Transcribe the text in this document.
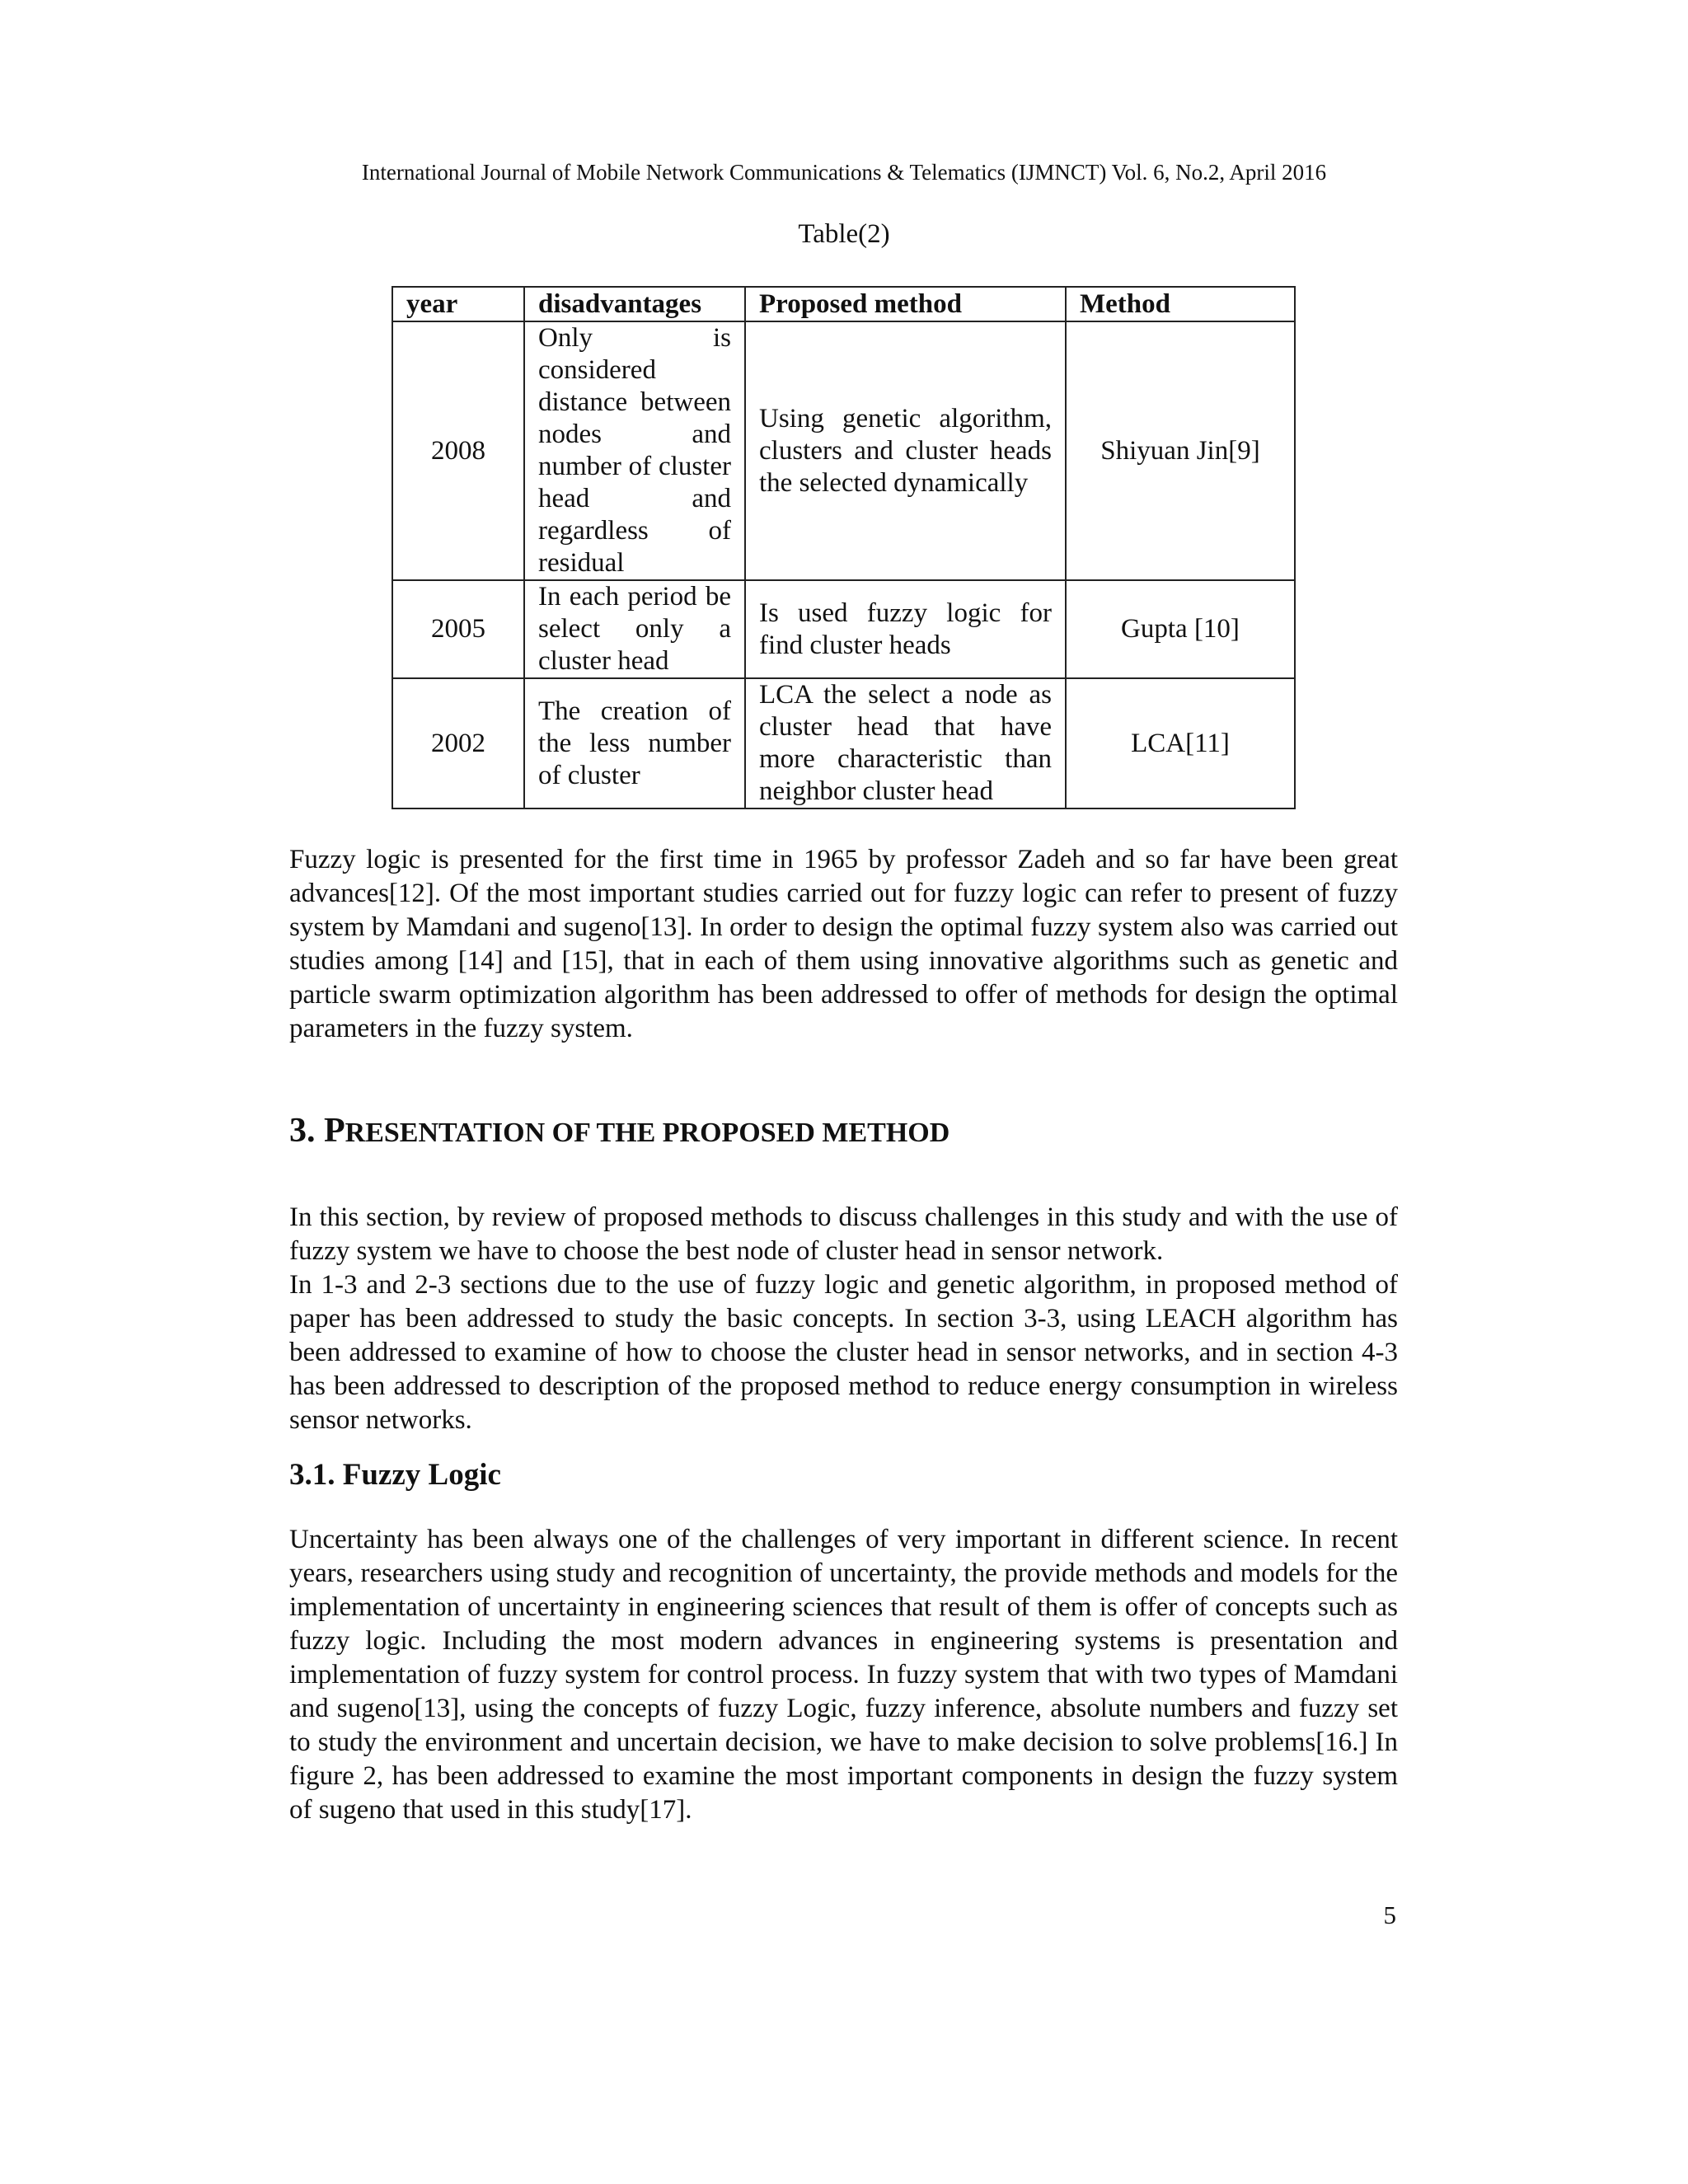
International Journal of Mobile Network Communications & Telematics (IJMNCT) Vol. 6, No.2, April 2016
Table(2)
year	disadvantages	Proposed method	Method
2008	Only is considered distance between nodes and number of cluster head and regardless of residual	Using genetic algorithm, clusters and cluster heads the selected dynamically	Shiyuan Jin[9]
2005	In each period be select only a cluster head	Is used fuzzy logic for find cluster heads	Gupta [10]
2002	The creation of the less number of cluster	LCA the select a node as cluster head that have more characteristic than neighbor cluster head	LCA[11]

Fuzzy logic is presented for the first time in 1965 by professor Zadeh and so far have been great advances[12]. Of the most important studies carried out for fuzzy logic can refer to present of fuzzy system by Mamdani and sugeno[13]. In order to design the optimal fuzzy system also was carried out studies among [14] and [15], that in each of them using innovative algorithms such as genetic and particle swarm optimization algorithm has been addressed to offer of methods for design the optimal parameters in the fuzzy system.

3. PRESENTATION OF THE PROPOSED METHOD

In this section, by review of proposed methods to discuss challenges in this study and with the use of fuzzy system we have to choose the best node of cluster head in sensor network.

In 1-3 and 2-3 sections due to the use of fuzzy logic and genetic algorithm, in proposed method of paper has been addressed to study the basic concepts. In section 3-3, using LEACH algorithm has been addressed to examine of how to choose the cluster head in sensor networks, and in section 4-3 has been addressed to description of the proposed method to reduce energy consumption in wireless sensor networks.

3.1. Fuzzy Logic

Uncertainty has been always one of the challenges of very important in different science. In recent years, researchers using study and recognition of uncertainty, the provide methods and models for the implementation of uncertainty in engineering sciences that result of them is offer of concepts such as fuzzy logic. Including the most modern advances in engineering systems is presentation and implementation of fuzzy system for control process. In fuzzy system that with two types of Mamdani and sugeno[13], using the concepts of fuzzy Logic, fuzzy inference, absolute numbers and fuzzy set to study the environment and uncertain decision, we have to make decision to solve problems[16.] In figure 2, has been addressed to examine the most important components in design the fuzzy system of sugeno that used in this study[17].

5
